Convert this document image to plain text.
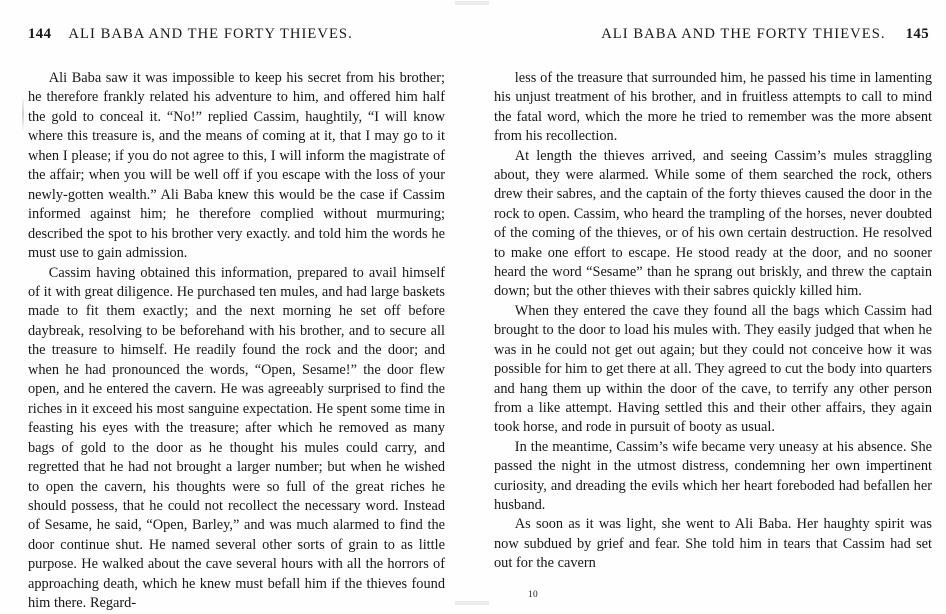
144 ALI BABA AND THE FORTY THIEVES.

Ali Baba saw it was impossible to keep his secret from his brother; he therefore frankly related his adventure to him, and offered him half the gold to conceal it. “No!” replied Cassim, haughtily, “I will know where this treasure is, and the means of coming at it, that I may go to it when I please; if you do not agree to this, I will inform the magistrate of the affair; when you will be well off if you escape with the loss of your newly-gotten wealth.” Ali Baba knew this would be the case if Cassim informed against him; he therefore complied without murmuring; described the spot to his brother very exactly. and told him the words he must use to gain admission.

Cassim having obtained this information, prepared to avail himself of it with great diligence. He purchased ten mules, and had large baskets made to fit them exactly; and the next morning he set off before daybreak, resolving to be beforehand with his brother, and to secure all the treasure to himself. He readily found the rock and the door; and when he had pronounced the words, “Open, Sesame!” the door flew open, and he entered the cavern. He was agreeably surprised to find the riches in it exceed his most sanguine expectation. He spent some time in feasting his eyes with the treasure; after which he removed as many bags of gold to the door as he thought his mules could carry, and regretted that he had not brought a larger number; but when he wished to open the cavern, his thoughts were so full of the great riches he should possess, that he could not recollect the necessary word. Instead of Sesame, he said, “Open, Barley,” and was much alarmed to find the door continue shut. He named several other sorts of grain to as little purpose. He walked about the cave several hours with all the horrors of approaching death, which he knew must befall him if the thieves found him there. Regard-

ALI BABA AND THE FORTY THIEVES. 145

less of the treasure that surrounded him, he passed his time in lamenting his unjust treatment of his brother, and in fruitless attempts to call to mind the fatal word, which the more he tried to remember was the more absent from his recollection.

At length the thieves arrived, and seeing Cassim’s mules straggling about, they were alarmed. While some of them searched the rock, others drew their sabres, and the captain of the forty thieves caused the door in the rock to open. Cassim, who heard the trampling of the horses, never doubted of the coming of the thieves, or of his own certain destruction. He resolved to make one effort to escape. He stood ready at the door, and no sooner heard the word “Sesame” than he sprang out briskly, and threw the captain down; but the other thieves with their sabres quickly killed him.

When they entered the cave they found all the bags which Cassim had brought to the door to load his mules with. They easily judged that when he was in he could not get out again; but they could not conceive how it was possible for him to get there at all. They agreed to cut the body into quarters and hang them up within the door of the cave, to terrify any other person from a like attempt. Having settled this and their other affairs, they again took horse, and rode in pursuit of booty as usual.

In the meantime, Cassim’s wife became very uneasy at his absence. She passed the night in the utmost distress, condemning her own impertinent curiosity, and dreading the evils which her heart foreboded had befallen her husband.

As soon as it was light, she went to Ali Baba. Her haughty spirit was now subdued by grief and fear. She told him in tears that Cassim had set out for the cavern

10
